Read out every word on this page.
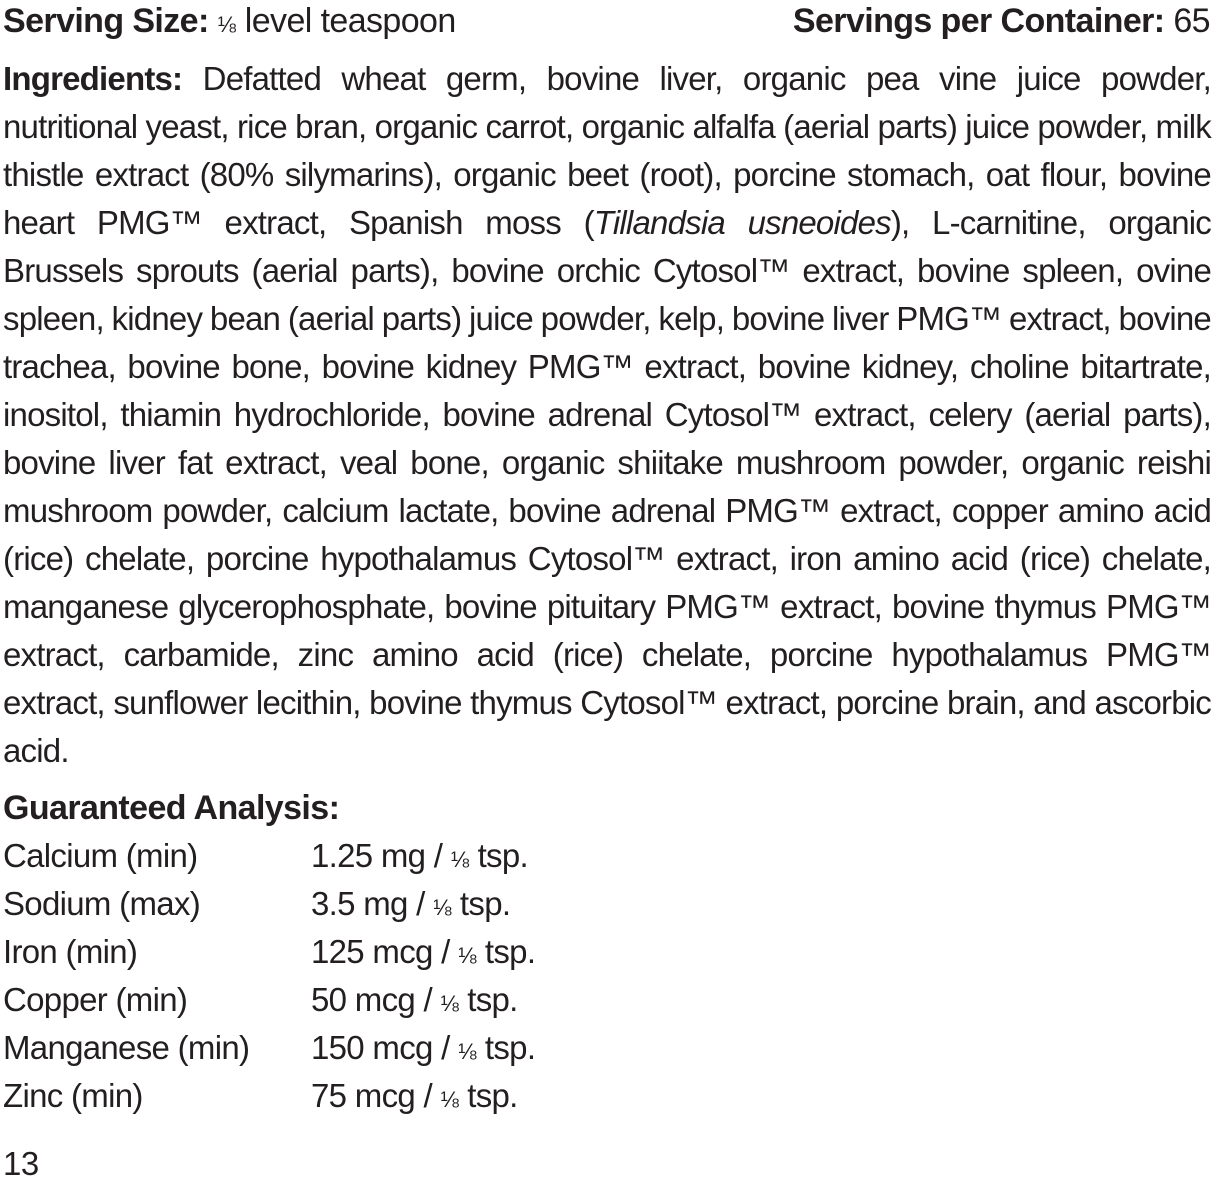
Serving Size: ⅛ level teaspoon	Servings per Container: 65

Ingredients: Defatted wheat germ, bovine liver, organic pea vine juice powder, nutritional yeast, rice bran, organic carrot, organic alfalfa (aerial parts) juice powder, milk thistle extract (80% silymarins), organic beet (root), porcine stomach, oat flour, bovine heart PMG™ extract, Spanish moss (Tillandsia usneoides), L-carnitine, organic Brussels sprouts (aerial parts), bovine orchic Cytosol™ extract, bovine spleen, ovine spleen, kidney bean (aerial parts) juice powder, kelp, bovine liver PMG™ extract, bovine trachea, bovine bone, bovine kidney PMG™ extract, bovine kidney, choline bitartrate, inositol, thiamin hydrochloride, bovine adrenal Cytosol™ extract, celery (aerial parts), bovine liver fat extract, veal bone, organic shiitake mushroom powder, organic reishi mushroom powder, calcium lactate, bovine adrenal PMG™ extract, copper amino acid (rice) chelate, porcine hypothalamus Cytosol™ extract, iron amino acid (rice) chelate, manganese glycerophosphate, bovine pituitary PMG™ extract, bovine thymus PMG™ extract, carbamide, zinc amino acid (rice) chelate, porcine hypothalamus PMG™ extract, sunflower lecithin, bovine thymus Cytosol™ extract, porcine brain, and ascorbic acid.

Guaranteed Analysis:
Calcium (min)	1.25 mg / ⅛ tsp.
Sodium (max)	3.5 mg / ⅛ tsp.
Iron (min)	125 mcg / ⅛ tsp.
Copper (min)	50 mcg / ⅛ tsp.
Manganese (min) 150 mcg / ⅛ tsp.
Zinc (min)	75 mcg / ⅛ tsp.
13
